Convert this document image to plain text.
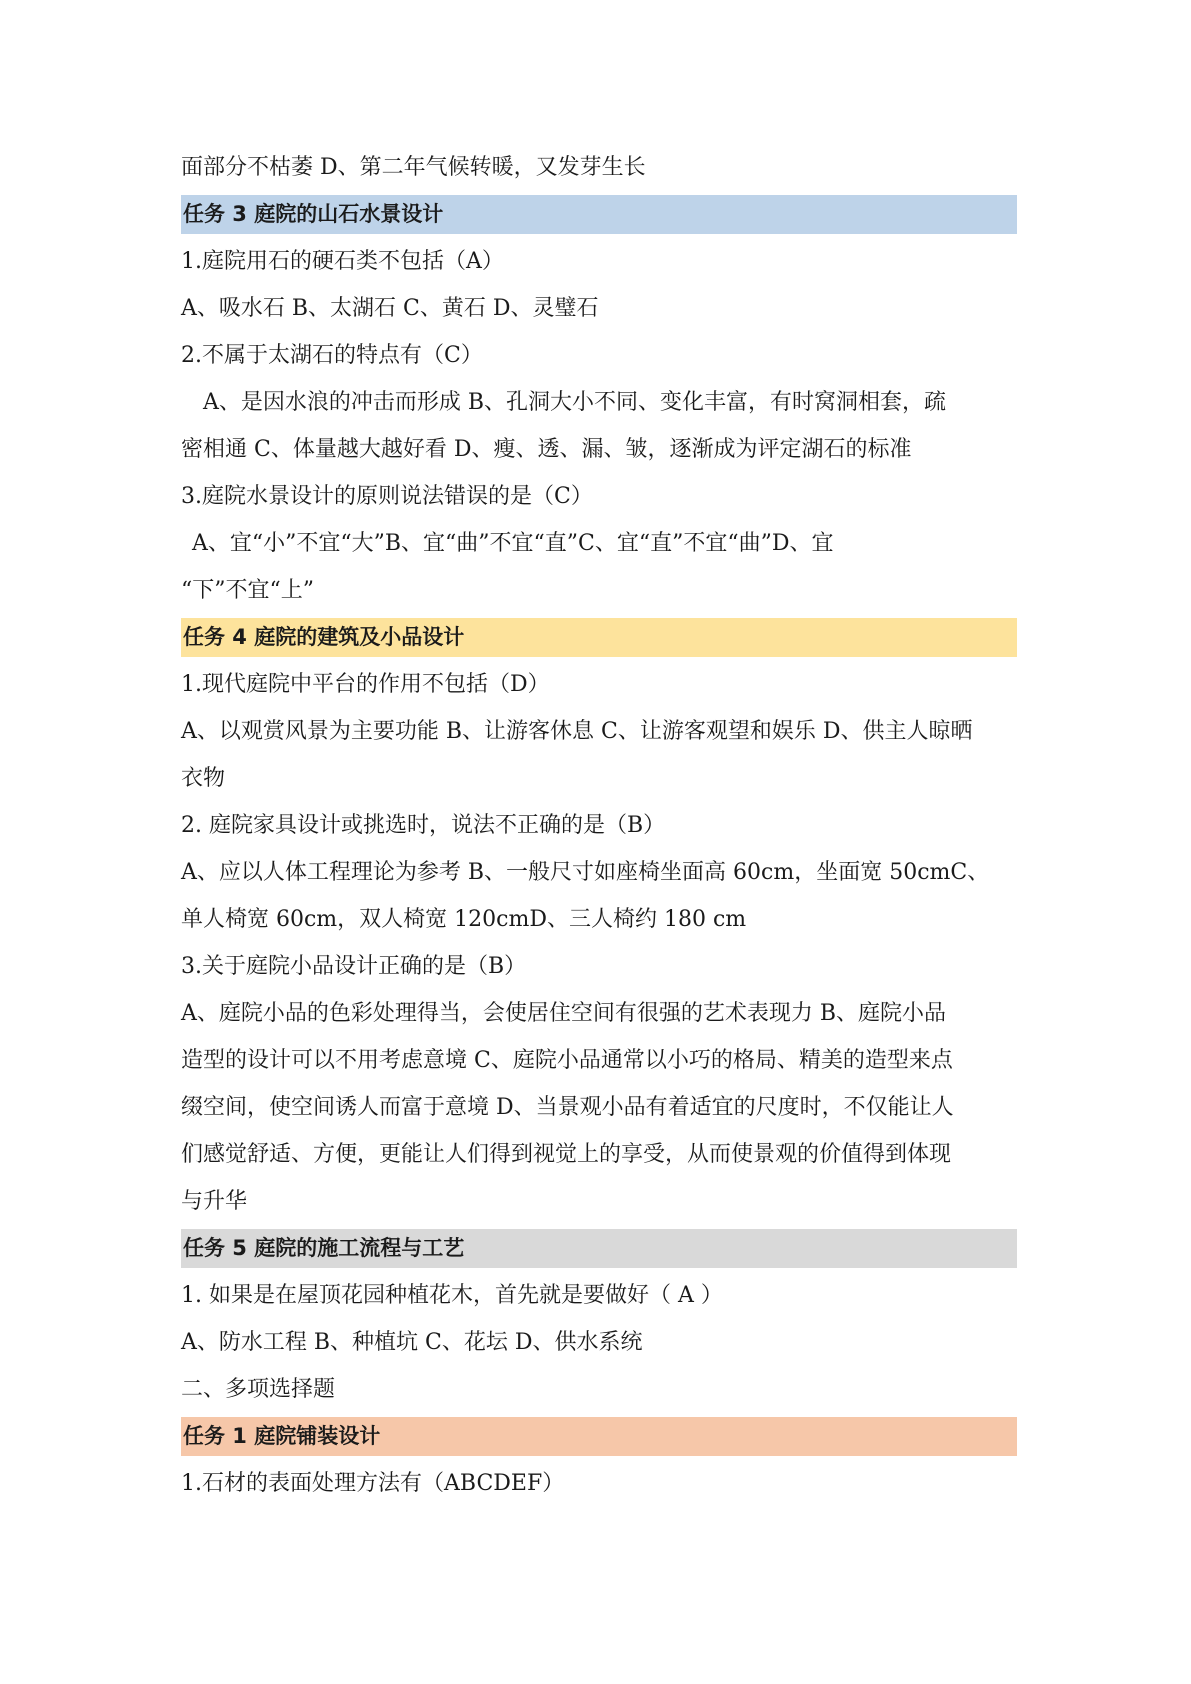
面部分不枯萎 D、第二年气候转暖，又发芽生长

任务 3 庭院的山石水景设计

1.庭院用石的硬石类不包括（A）

A、吸水石 B、太湖石 C、黄石 D、灵璧石

2.不属于太湖石的特点有（C）

A、是因水浪的冲击而形成 B、孔洞大小不同、变化丰富，有时窝洞相套，疏

密相通 C、体量越大越好看 D、瘦、透、漏、皱，逐渐成为评定湖石的标准

3.庭院水景设计的原则说法错误的是（C）

A、宜“小”不宜“大”B、宜“曲”不宜“直”C、宜“直”不宜“曲”D、宜

“下”不宜“上”

任务 4 庭院的建筑及小品设计

1.现代庭院中平台的作用不包括（D）

A、以观赏风景为主要功能 B、让游客休息 C、让游客观望和娱乐 D、供主人晾晒

衣物

2. 庭院家具设计或挑选时，说法不正确的是（B）

A、应以人体工程理论为参考 B、一般尺寸如座椅坐面高 60cm，坐面宽 50cmC、

单人椅宽 60cm，双人椅宽 120cmD、三人椅约 180 cm

3.关于庭院小品设计正确的是（B）

A、庭院小品的色彩处理得当，会使居住空间有很强的艺术表现力 B、庭院小品

造型的设计可以不用考虑意境 C、庭院小品通常以小巧的格局、精美的造型来点

缀空间，使空间诱人而富于意境 D、当景观小品有着适宜的尺度时，不仅能让人

们感觉舒适、方便，更能让人们得到视觉上的享受，从而使景观的价值得到体现

与升华

任务 5 庭院的施工流程与工艺

1. 如果是在屋顶花园种植花木，首先就是要做好（ A ）

A、防水工程 B、种植坑 C、花坛 D、供水系统

二、多项选择题

任务 1 庭院铺装设计

1.石材的表面处理方法有（ABCDEF）
